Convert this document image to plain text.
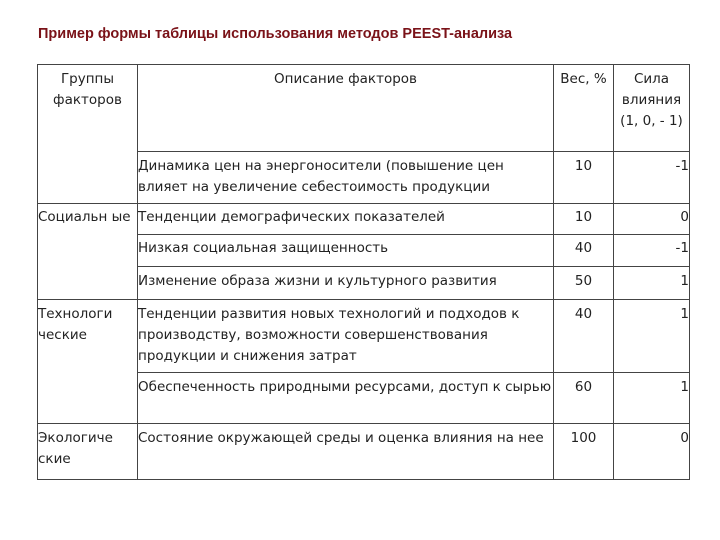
Пример формы таблицы использования методов PEEST-анализа
Группы факторов	Описание факторов	Вес, %	Сила влияния (1, 0, - 1)
	Динамика цен на энергоносители (повышение цен влияет на увеличение себестоимость продукции	10	-1
Социальн ые	Тенденции демографических показателей	10	0
	Низкая социальная защищенность	40	-1
	Изменение образа жизни и культурного развития	50	1
Технологи ческие	Тенденции развития новых технологий и подходов к производству, возможности совершенствования продукции и снижения затрат	40	1
	Обеспеченность природными ресурсами, доступ к сырью	60	1
Экологиче ские	Состояние окружающей среды и оценка влияния на нее	100	0
